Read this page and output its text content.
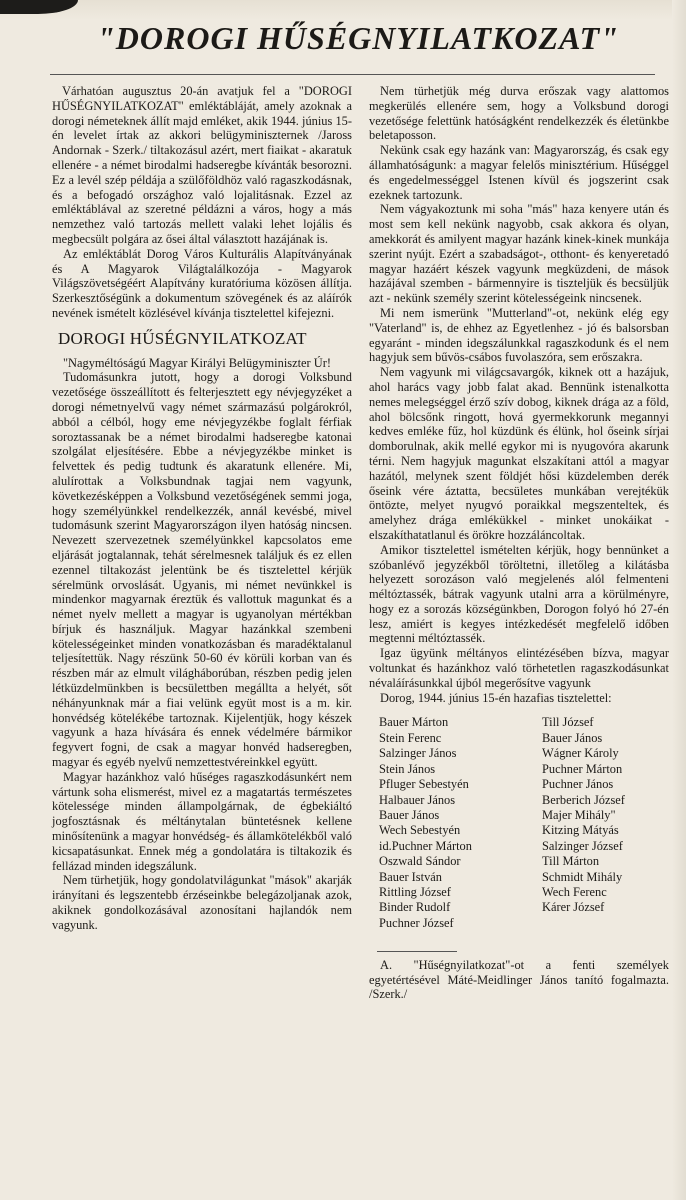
"DOROGI HŰSÉGNYILATKOZAT"

Várhatóan augusztus 20-án avatjuk fel a "DOROGI HŰSÉGNYILATKOZAT" emléktábláját, amely azoknak a dorogi németeknek állít majd emléket, akik 1944. június 15-én levelet írtak az akkori belügyminiszternek /Jaross Andornak - Szerk./ tiltakozásul azért, mert fiaikat - akaratuk ellenére - a német birodalmi hadseregbe kívánták besorozni. Ez a levél szép példája a szülőföldhöz való ragaszkodásnak, és a befogadó országhoz való lojalitásnak. Ezzel az emléktáblával az szeretné példázni a város, hogy a más nemzethez való tartozás mellett valaki lehet lojális és megbecsült polgára az ősei által választott hazájának is.

Az emléktáblát Dorog Város Kulturális Alapítványának és A Magyarok Világtalálkozója - Magyarok Világszövetségéért Alapítvány kuratóriuma közösen állítja. Szerkesztőségünk a dokumentum szövegének és az aláírók nevének ismételt közlésével kívánja tisztelettel kifejezni.

DOROGI HŰSÉGNYILATKOZAT

"Nagyméltóságú Magyar Királyi Belügyminiszter Úr!

Tudomásunkra jutott, hogy a dorogi Volksbund vezetősége összeállított és felterjesztett egy névjegyzéket a dorogi németnyelvű vagy német származású polgárokról, abból a célból, hogy eme névjegyzékbe foglalt férfiak soroztassanak be a német birodalmi hadseregbe katonai szolgálat eljesítésére. Ebbe a névjegyzékbe minket is felvettek és pedig tudtunk és akaratunk ellenére. Mi, alulírottak a Volksbundnak tagjai nem vagyunk, következésképpen a Volksbund vezetőségének semmi joga, hogy személyünkkel rendelkezzék, annál kevésbé, mivel tudomásunk szerint Magyarországon ilyen hatóság nincsen. Nevezett szervezetnek személyünkkel kapcsolatos eme eljárását jogtalannak, tehát sérelmesnek találjuk és ez ellen ezennel tiltakozást jelentünk be és tisztelettel kérjük sérelmünk orvoslását. Ugyanis, mi német nevünkkel is mindenkor magyarnak éreztük és vallottuk magunkat és a német nyelv mellett a magyar is ugyanolyan mértékban bírjuk és használjuk. Magyar hazánkkal szembeni kötelességeinket minden vonatkozásban és maradéktalanul teljesítettük. Nagy részünk 50-60 év körüli korban van és részben már az elmult világháborúban, részben pedig jelen létküzdelmünkben is becsülettben megállta a helyét, sőt néhányunknak már a fiai velünk együt most is a m. kir. honvédség kötelékébe tartoznak. Kijelentjük, hogy készek vagyunk a haza hívására és ennek védelmére bármikor fegyvert fogni, de csak a magyar honvéd hadseregben, magyar és egyéb nyelvű nemzettestvéreinkkel együtt.

Magyar hazánkhoz való hűséges ragaszkodásunkért nem vártunk soha elismerést, mivel ez a magatartás természetes kötelessége minden állampolgárnak, de égbekiáltó jogfosztásnak és méltánytalan büntetésnek kellene minősítenünk a magyar honvédség- és államkötelékből való kicsapatásunkat. Ennek még a gondolatára is tiltakozik és fellázad minden idegszálunk.

Nem türhetjük, hogy gondolatvilágunkat "mások" akarják irányítani és legszentebb érzéseinkbe belegázoljanak azok, akiknek gondolkozásával azonosítani hajlandók nem vagyunk.

Nem türhetjük még durva erőszak vagy alattomos megkerülés ellenére sem, hogy a Volksbund dorogi vezetősége felettünk hatóságként rendelkezzék és életünkbe beletaposson.

Nekünk csak egy hazánk van: Magyarország, és csak egy államhatóságunk: a magyar felelős minisztérium. Hűséggel és engedelmességgel Istenen kívül és jogszerint csak ezeknek tartozunk.

Nem vágyakoztunk mi soha "más" haza kenyere után és most sem kell nekünk nagyobb, csak akkora és olyan, amekkorát és amilyent magyar hazánk kinek-kinek munkája szerint nyújt. Ezért a szabadságot-, otthont- és kenyeretadó magyar hazáért készek vagyunk megküzdeni, de mások hazájával szemben - bármennyire is tiszteljük és becsüljük azt - nekünk személy szerint kötelességeink nincsenek.

Mi nem ismerünk "Mutterland"-ot, nekünk elég egy "Vaterland" is, de ehhez az Egyetlenhez - jó és balsorsban egyaránt - minden idegszálunkkal ragaszkodunk és el nem hagyjuk sem bűvös-csábos fuvolaszóra, sem erőszakra.

Nem vagyunk mi világcsavargók, kiknek ott a hazájuk, ahol harács vagy jobb falat akad. Bennünk istenalkotta nemes melegséggel érző szív dobog, kiknek drága az a föld, ahol bölcsőnk ringott, hová gyermekkorunk megannyi kedves emléke fűz, hol küzdünk és élünk, hol őseink sírjai domborulnak, akik mellé egykor mi is nyugovóra akarunk térni. Nem hagyjuk magunkat elszakítani attól a magyar hazától, melynek szent földjét hősi küzdelemben derék őseink vére áztatta, becsületes munkában verejtékük öntözte, melyet nyugvó poraikkal megszenteltek, és amelyhez drága emlékükkel - minket unokáikat -elszakíthatatlanul és örökre hozzáláncoltak.

Amikor tisztelettel ismételten kérjük, hogy bennünket a szóbanlévő jegyzékből töröltetni, illetőleg a kilátásba helyezett sorozáson való megjelenés alól felmenteni méltóztassék, bátrak vagyunk utalni arra a körülményre, hogy ez a sorozás községünkben, Dorogon folyó hó 27-én lesz, amiért is kegyes intézkedését megfelelő időben megtenni méltóztassék.

Igaz ügyünk méltányos elintézésében bízva, magyar voltunkat és hazánkhoz való törhetetlen ragaszkodásunkat névaláírásunkkal újból megerősítve vagyunk

Dorog, 1944. június 15-én hazafias tisztelettel:

Bauer Márton
Stein Ferenc
Salzinger János
Stein János
Pfluger Sebestyén
Halbauer János
Bauer János
Wech Sebestyén
id.Puchner Márton
Oszwald Sándor
Bauer István
Rittling József
Binder Rudolf
Puchner József
Till József
Bauer János
Wágner Károly
Puchner Márton
Puchner János
Berberich József
Majer Mihály"
Kitzing Mátyás
Salzinger József
Till Márton
Schmidt Mihály
Wech Ferenc
Kárer József

A. "Hűségnyilatkozat"-ot a fenti személyek egyetértésével Máté-Meidlinger János tanító fogalmazta. /Szerk./
